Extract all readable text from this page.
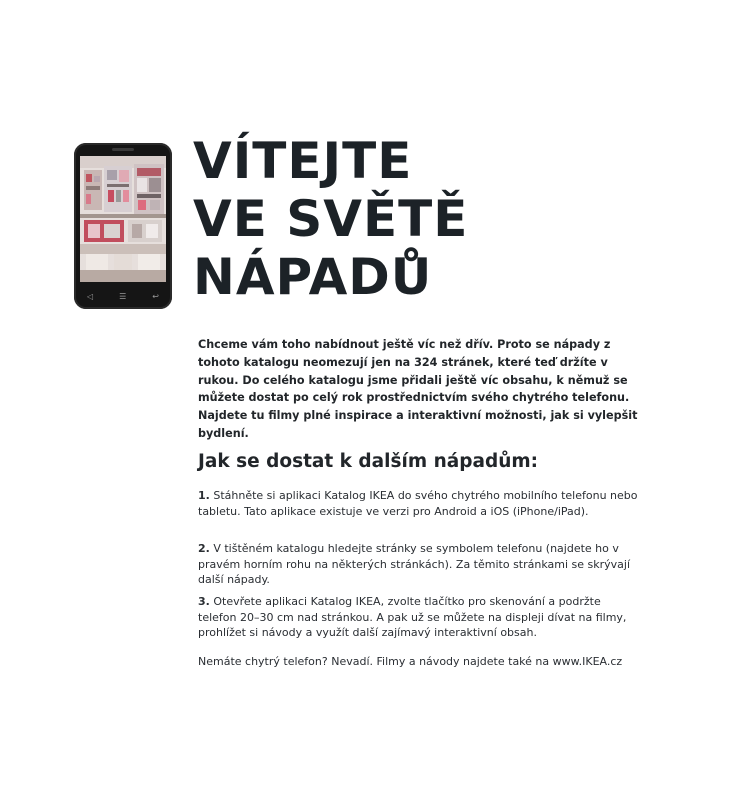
◁	☰	↩
VÍTEJTE
VE SVĚTĚ
NÁPADŮ

Chceme vám toho nabídnout ještě víc než dřív. Proto se nápady z tohoto katalogu neomezují jen na 324 stránek, které teď držíte v rukou. Do celého katalogu jsme přidali ještě víc obsahu, k němuž se můžete dostat po celý rok prostřednictvím svého chytrého telefonu. Najdete tu filmy plné inspirace a interaktivní možnosti, jak si vylepšit bydlení.

Jak se dostat k dalším nápadům:

1. Stáhněte si aplikaci Katalog IKEA do svého chytrého mobilního telefonu nebo tabletu. Tato aplikace existuje ve verzi pro Android a iOS (iPhone/iPad).

2. V tištěném katalogu hledejte stránky se symbolem telefonu (najdete ho v pravém horním rohu na některých stránkách). Za těmito stránkami se skrývají další nápady.

3. Otevřete aplikaci Katalog IKEA, zvolte tlačítko pro skenování a podržte telefon 20–30 cm nad stránkou. A pak už se můžete na displeji dívat na filmy, prohlížet si návody a využít další zajímavý interaktivní obsah.

Nemáte chytrý telefon? Nevadí. Filmy a návody najdete také na www.IKEA.cz
